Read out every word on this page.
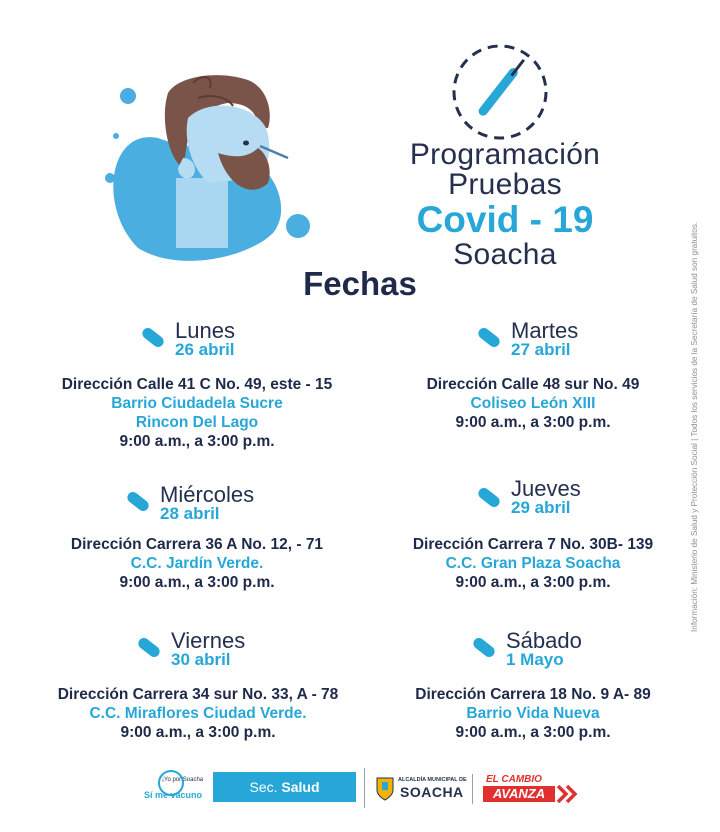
Programación
Pruebas
Covid - 19
Soacha
Fechas
Lunes
26 abril
Dirección Calle 41 C No. 49, este - 15
Barrio Ciudadela Sucre
Rincon Del Lago
9:00 a.m., a 3:00 p.m.
Martes
27 abril
Dirección Calle 48 sur No. 49
Coliseo León XIII
9:00 a.m., a 3:00 p.m.
Miércoles
28 abril
Dirección Carrera 36 A No. 12, - 71
C.C. Jardín Verde.
9:00 a.m., a 3:00 p.m.
Jueves
29 abril
Dirección Carrera 7 No. 30B- 139
C.C. Gran Plaza Soacha
9:00 a.m., a 3:00 p.m.
Viernes
30 abril
Dirección Carrera 34 sur No. 33, A - 78
C.C. Miraflores Ciudad Verde.
9:00 a.m., a 3:00 p.m.
Sábado
1 Mayo
Dirección Carrera 18 No. 9 A- 89
Barrio Vida Nueva
9:00 a.m., a 3:00 p.m.
Información: Ministerio de Salud y Protección Social | Todos los servicios de la Secretaría de Salud son gratuitos.
¡Yo por Soacha
Sí me vacuno	Sec. Salud	ALCALDÍA MUNICIPAL DE
SOACHA
EL CAMBIO
AVANZA
